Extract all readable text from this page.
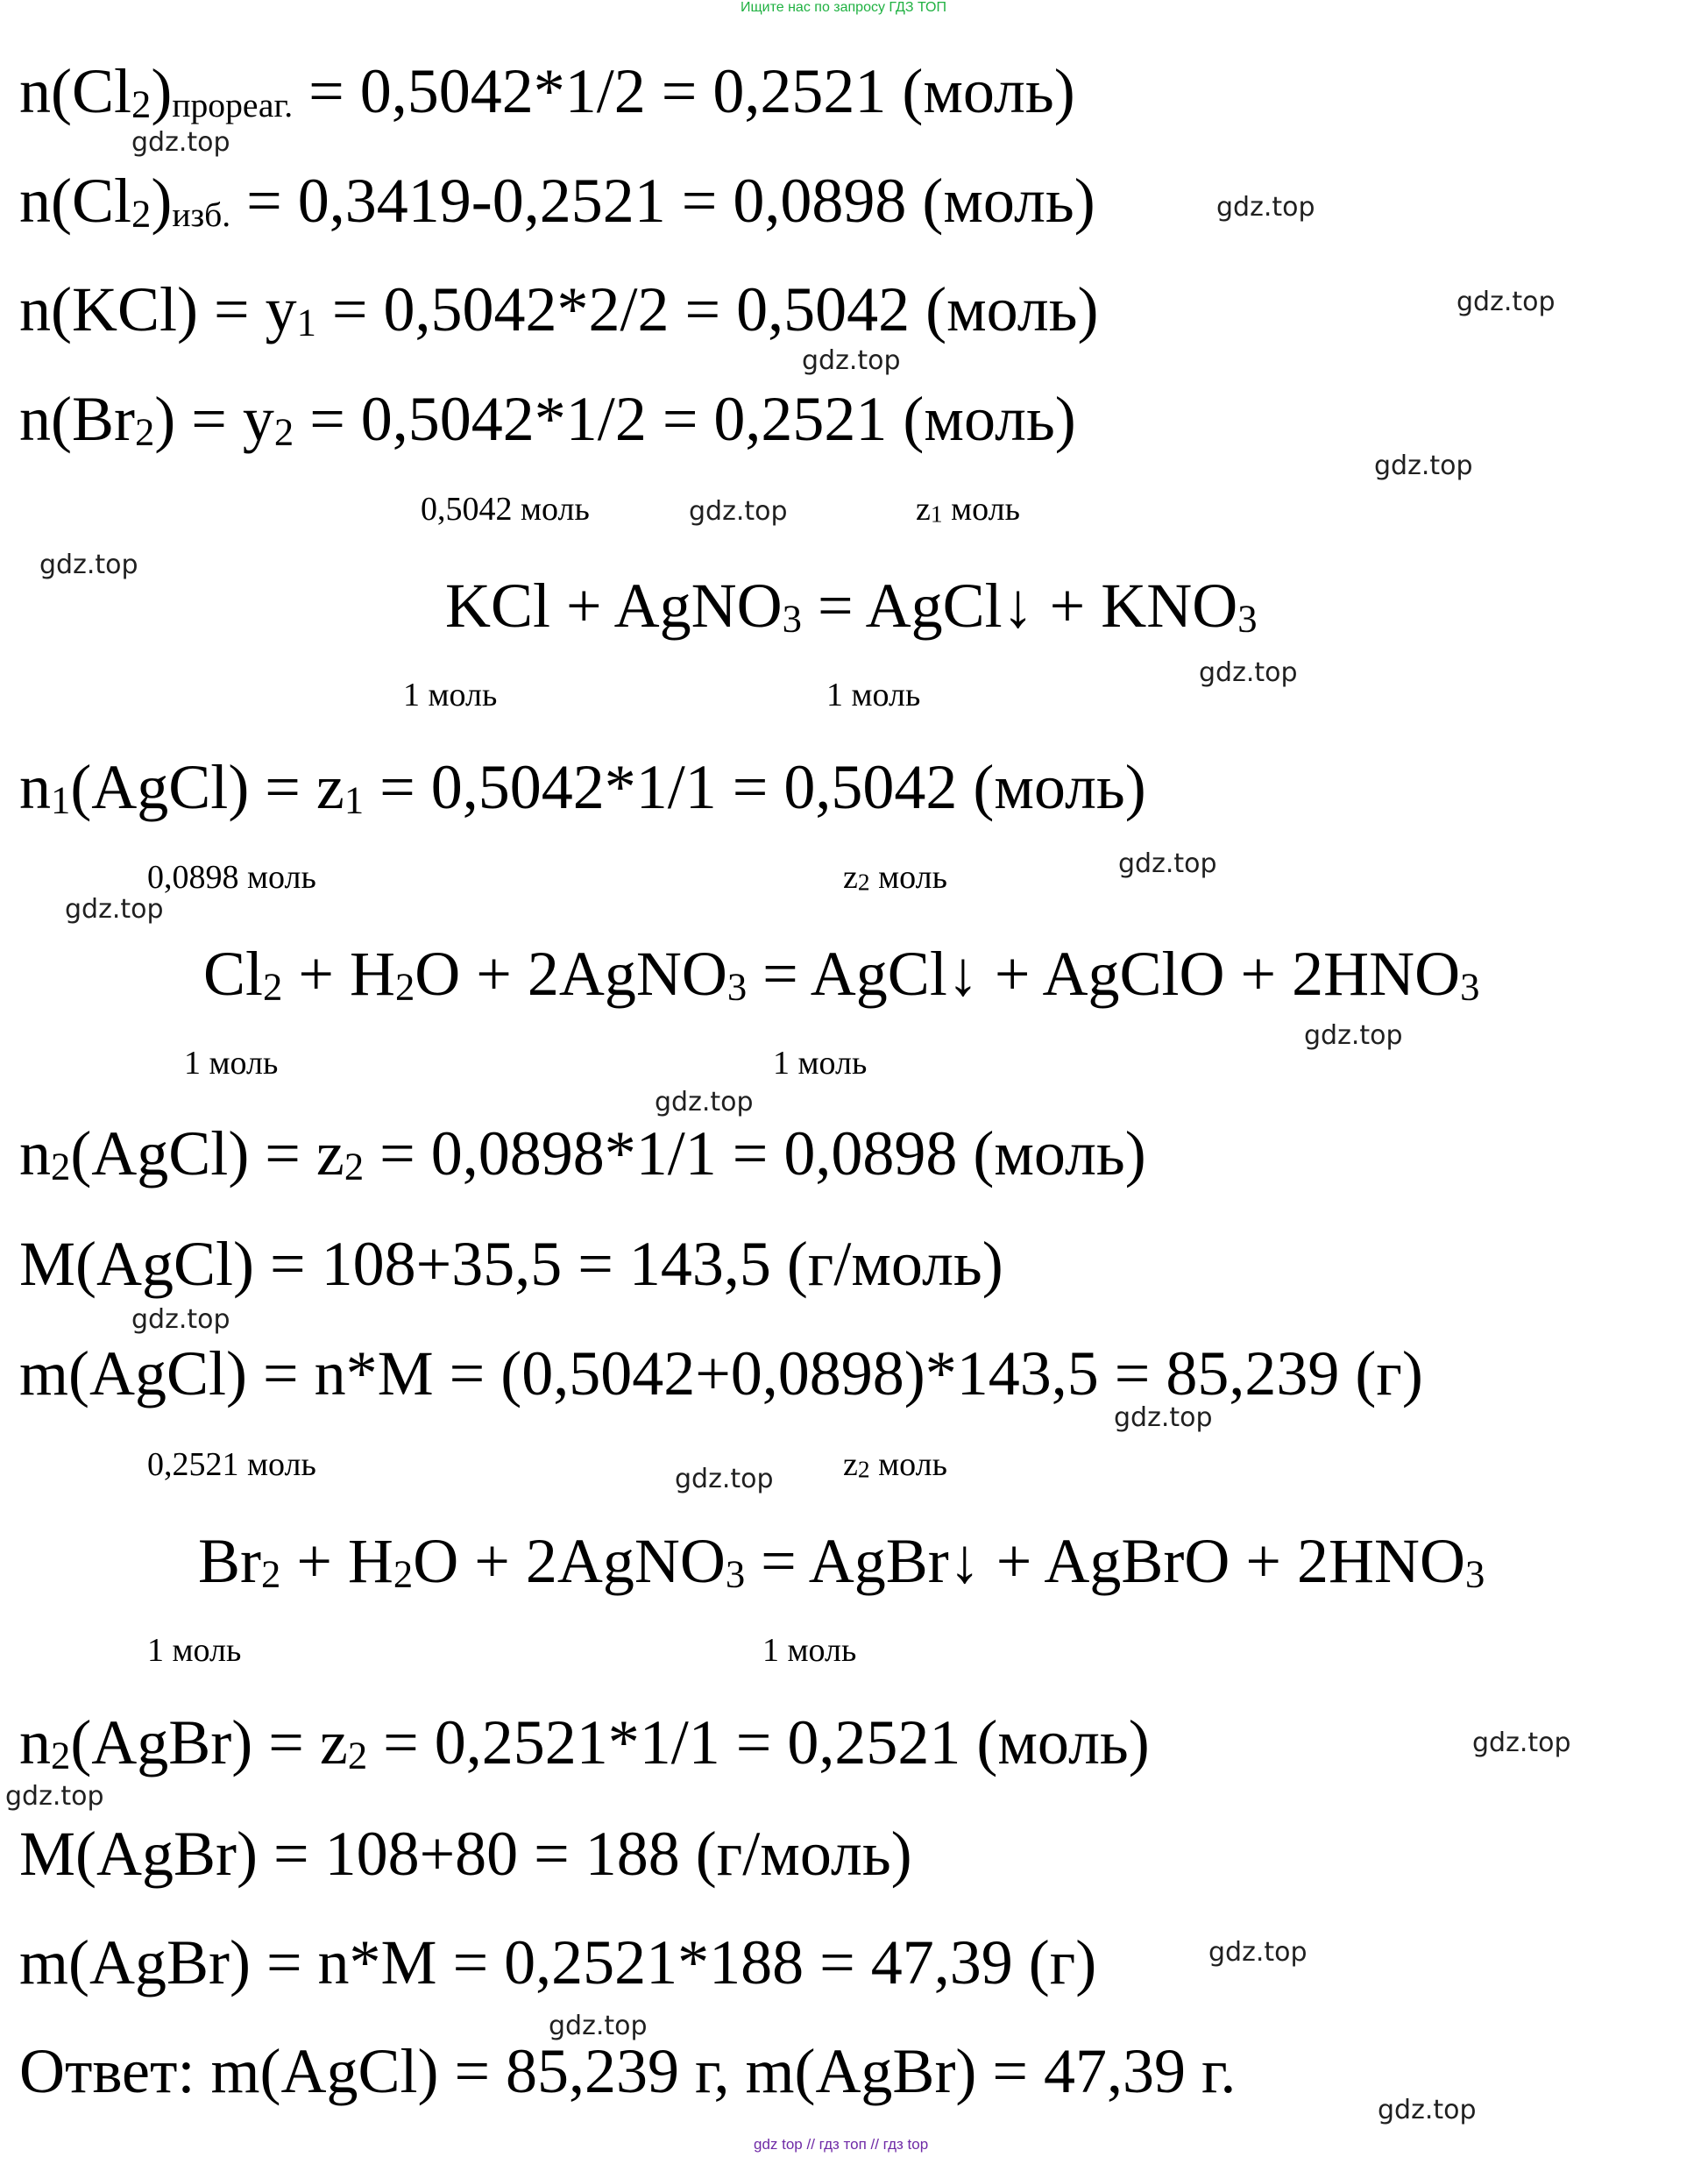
Ищите нас по запросу ГДЗ ТОП
$n(Cl_2)_{прореаг.} = 0,5042*1/2 = 0,2521$ (моль)
$n(Cl_2)_{изб.} = 0,3419-0,2521 = 0,0898$ (моль)
$n(KCl) = y_1 = 0,5042*2/2 = 0,5042$ (моль)
$n(Br_2) = y_2 = 0,5042*1/2 = 0,2521$ (моль)
0,5042 моль	$z_1$ моль
KCl + AgNO$_3$ = AgCl↓ + $KNO_3$
1 моль	1 моль
$n_1(AgCl) = z_1 = 0,5042*1/1 = 0,5042$ (моль)
0,0898 моль	$z_2$ моль
$Cl_2 + H_2O$ + 2AgNO$_3$ = AgCl↓ + AgClO + $2HNO_3$
1 моль	1 моль
$n_2(AgCl) = z_2 = 0,0898*1/1 = 0,0898$ (моль)
M(AgCl) = 108+35,5 = 143,5 (г/моль)
m(AgCl) = n*M = (0,5042+0,0898)*143,5 = 85,239 (г)
0,2521 моль	$z_2$ моль
$Br_2 + H_2O$ + 2AgNO$_3$ = AgBr↓ + AgBrO + $2HNO_3$
1 моль	1 моль
$n_2(AgBr) = z_2 = 0,2521*1/1 = 0,2521$ (моль)
M(AgBr) = 108+80 = 188 (г/моль)
m(AgBr) = n*M = 0,2521*188 = 47,39 (г)
Ответ: m(AgCl) = 85,239 г, m(AgBr) = 47,39 г.
gdz.top
gdz.top
gdz.top
gdz.top
gdz.top
gdz.top
gdz.top
gdz.top
gdz.top
gdz.top
gdz.top
gdz.top
gdz.top
gdz.top
gdz.top
gdz.top
gdz.top
gdz.top
gdz.top
gdz.top
gdz top // гдз топ // гдз top
